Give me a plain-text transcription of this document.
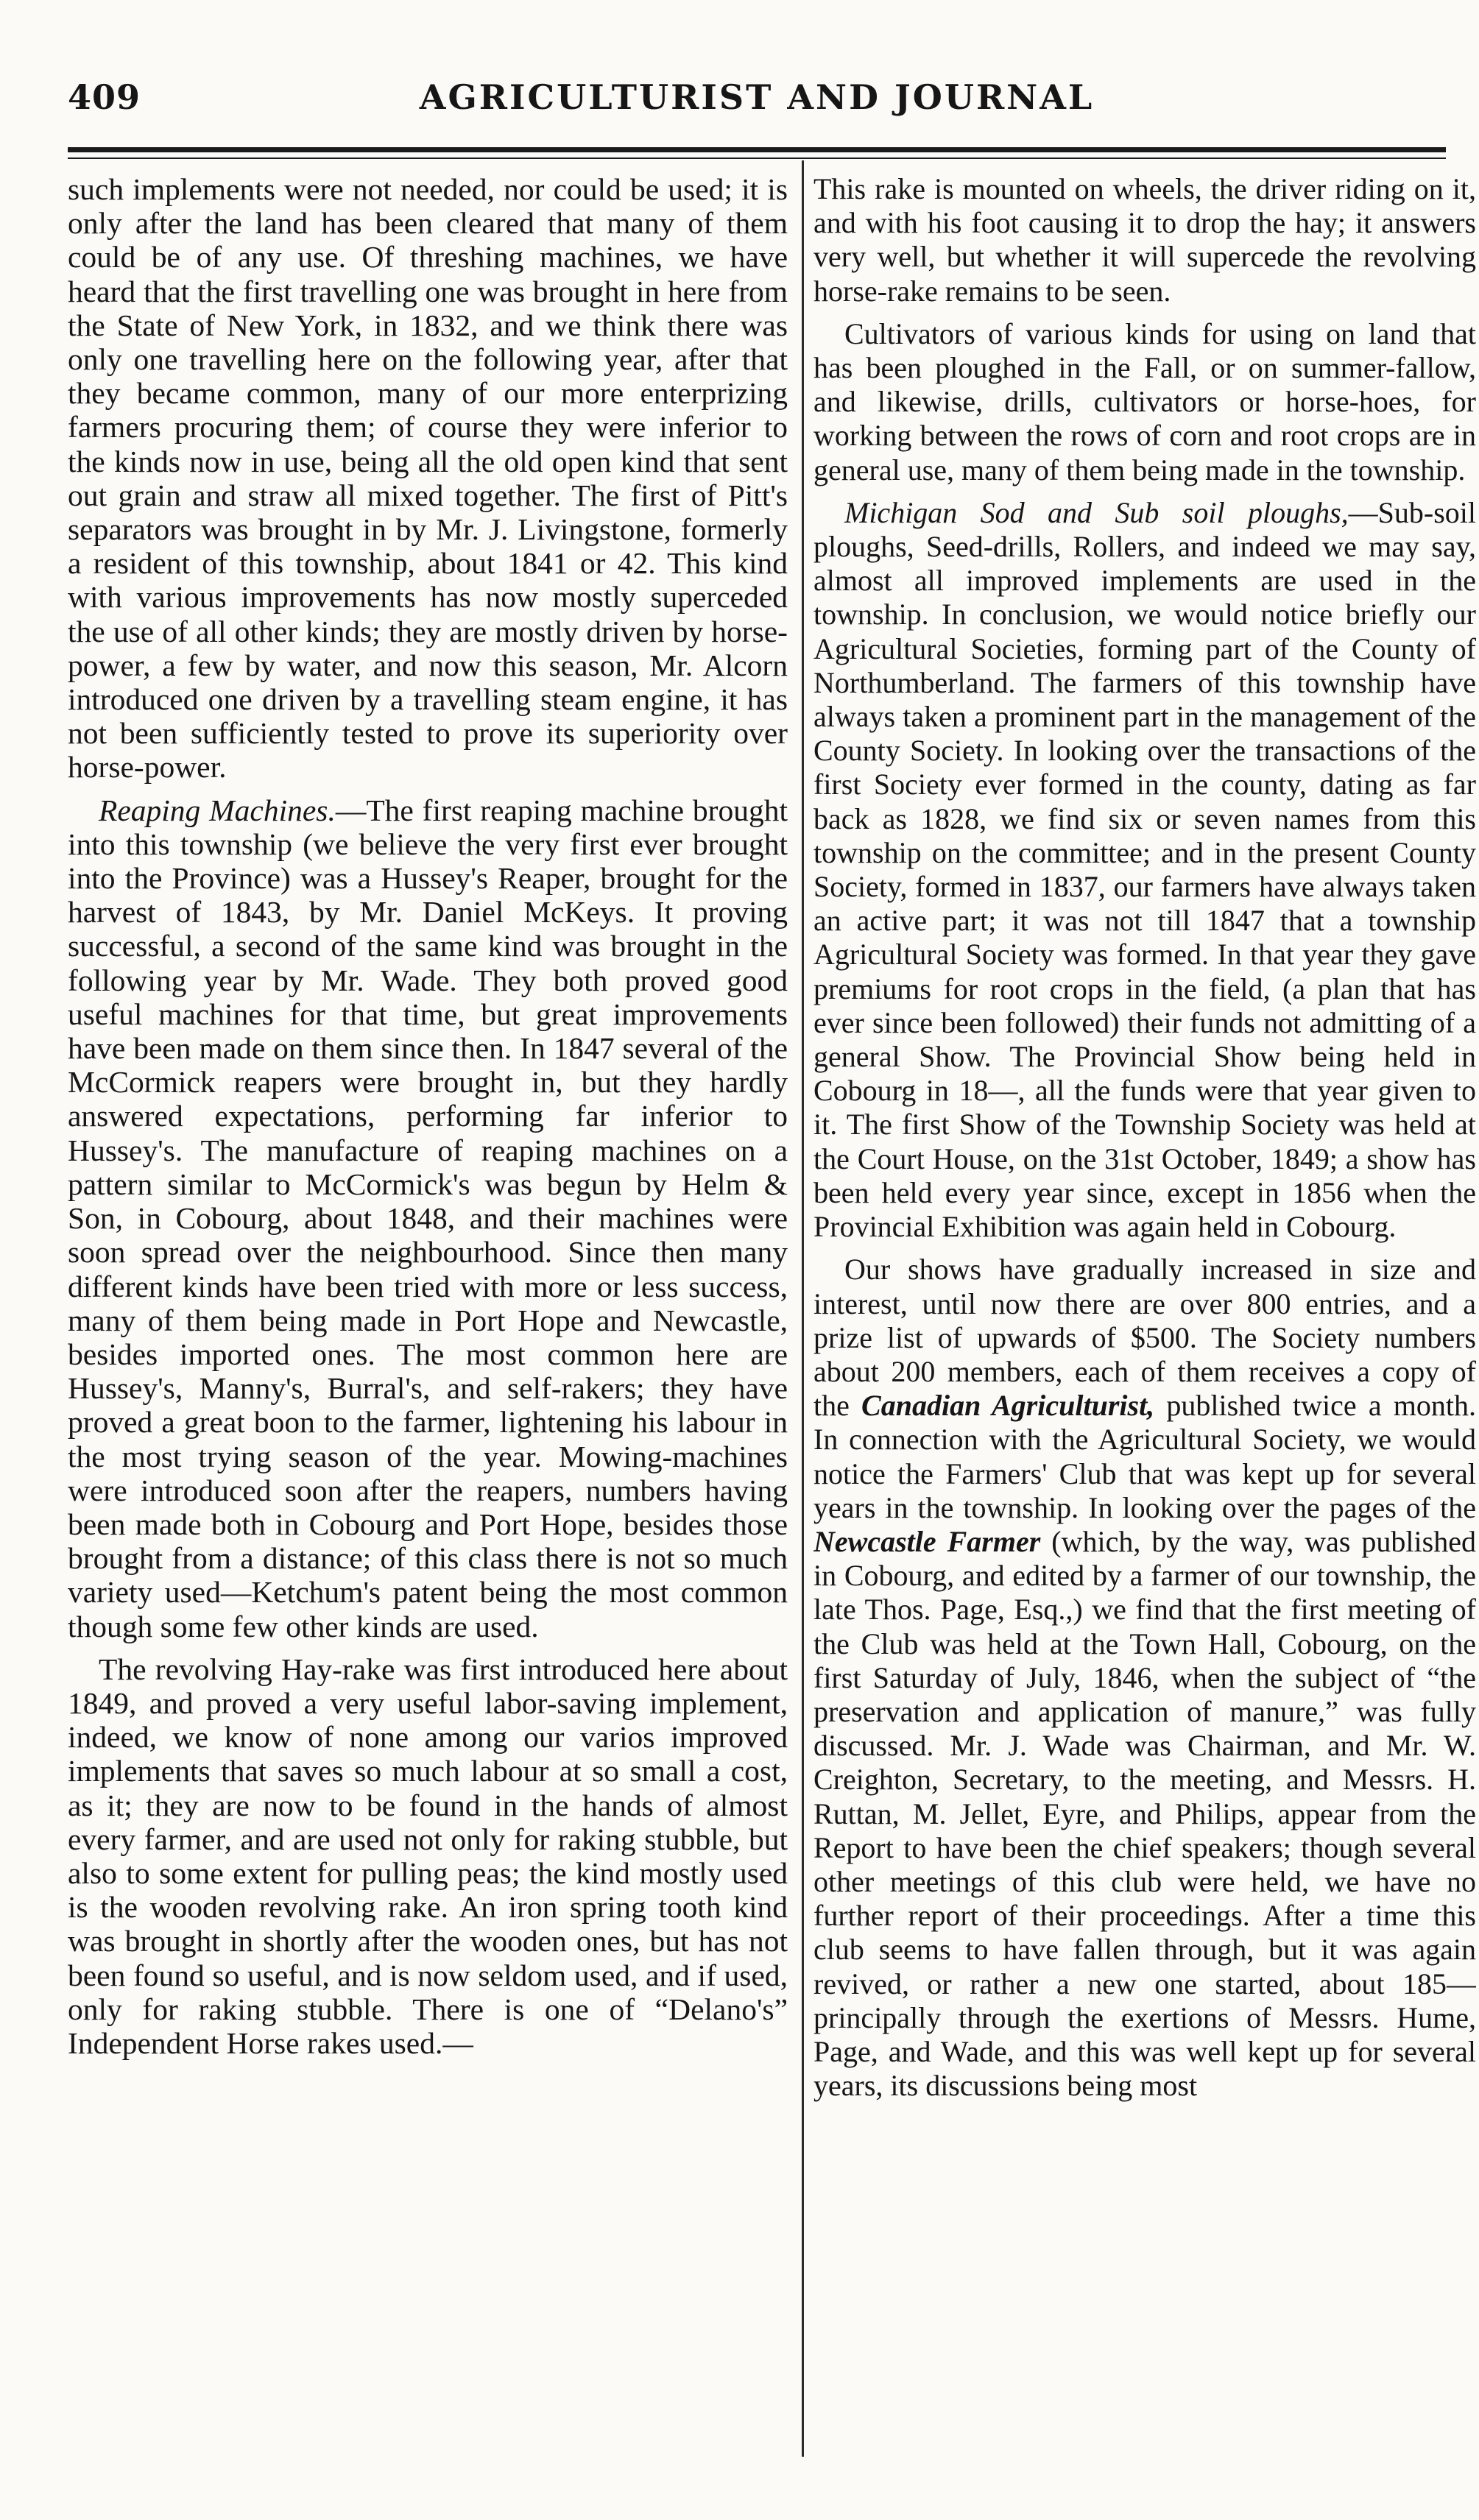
409	AGRICULTURIST AND JOURNAL

such implements were not needed, nor could be used; it is only after the land has been cleared that many of them could be of any use. Of threshing machines, we have heard that the first travelling one was brought in here from the State of New York, in 1832, and we think there was only one travelling here on the following year, after that they became common, many of our more enterprizing farmers procuring them; of course they were inferior to the kinds now in use, being all the old open kind that sent out grain and straw all mixed together. The first of Pitt's separators was brought in by Mr. J. Livingstone, formerly a resident of this township, about 1841 or 42. This kind with various improvements has now mostly superceded the use of all other kinds; they are mostly driven by horse-power, a few by water, and now this season, Mr. Alcorn introduced one driven by a travelling steam engine, it has not been sufficiently tested to prove its superiority over horse-power.

Reaping Machines.—The first reaping machine brought into this township (we believe the very first ever brought into the Province) was a Hussey's Reaper, brought for the harvest of 1843, by Mr. Daniel McKeys. It proving successful, a second of the same kind was brought in the following year by Mr. Wade. They both proved good useful machines for that time, but great improvements have been made on them since then. In 1847 several of the McCormick reapers were brought in, but they hardly answered expectations, performing far inferior to Hussey's. The manufacture of reaping machines on a pattern similar to McCormick's was begun by Helm & Son, in Cobourg, about 1848, and their machines were soon spread over the neighbourhood. Since then many different kinds have been tried with more or less success, many of them being made in Port Hope and Newcastle, besides imported ones. The most common here are Hussey's, Manny's, Burral's, and self-rakers; they have proved a great boon to the farmer, lightening his labour in the most trying season of the year. Mowing-machines were introduced soon after the reapers, numbers having been made both in Cobourg and Port Hope, besides those brought from a distance; of this class there is not so much variety used—Ketchum's patent being the most common though some few other kinds are used.

The revolving Hay-rake was first introduced here about 1849, and proved a very useful labor-saving implement, indeed, we know of none among our varios improved implements that saves so much labour at so small a cost, as it; they are now to be found in the hands of almost every farmer, and are used not only for raking stubble, but also to some extent for pulling peas; the kind mostly used is the wooden revolving rake. An iron spring tooth kind was brought in shortly after the wooden ones, but has not been found so useful, and is now seldom used, and if used, only for raking stubble. There is one of “Delano's” Independent Horse rakes used.—

This rake is mounted on wheels, the driver riding on it, and with his foot causing it to drop the hay; it answers very well, but whether it will supercede the revolving horse-rake remains to be seen.

Cultivators of various kinds for using on land that has been ploughed in the Fall, or on summer-fallow, and likewise, drills, cultivators or horse-hoes, for working between the rows of corn and root crops are in general use, many of them being made in the township.

Michigan Sod and Sub soil ploughs,—Sub-soil ploughs, Seed-drills, Rollers, and indeed we may say, almost all improved implements are used in the township. In conclusion, we would notice briefly our Agricultural Societies, forming part of the County of Northumberland. The farmers of this township have always taken a prominent part in the management of the County Society. In looking over the transactions of the first Society ever formed in the county, dating as far back as 1828, we find six or seven names from this township on the committee; and in the present County Society, formed in 1837, our farmers have always taken an active part; it was not till 1847 that a township Agricultural Society was formed. In that year they gave premiums for root crops in the field, (a plan that has ever since been followed) their funds not admitting of a general Show. The Provincial Show being held in Cobourg in 18—, all the funds were that year given to it. The first Show of the Township Society was held at the Court House, on the 31st October, 1849; a show has been held every year since, except in 1856 when the Provincial Exhibition was again held in Cobourg.

Our shows have gradually increased in size and interest, until now there are over 800 entries, and a prize list of upwards of $500. The Society numbers about 200 members, each of them receives a copy of the Canadian Agriculturist, published twice a month. In connection with the Agricultural Society, we would notice the Farmers' Club that was kept up for several years in the township. In looking over the pages of the Newcastle Farmer (which, by the way, was published in Cobourg, and edited by a farmer of our township, the late Thos. Page, Esq.,) we find that the first meeting of the Club was held at the Town Hall, Cobourg, on the first Saturday of July, 1846, when the subject of “the preservation and application of manure,” was fully discussed. Mr. J. Wade was Chairman, and Mr. W. Creighton, Secretary, to the meeting, and Messrs. H. Ruttan, M. Jellet, Eyre, and Philips, appear from the Report to have been the chief speakers; though several other meetings of this club were held, we have no further report of their proceedings. After a time this club seems to have fallen through, but it was again revived, or rather a new one started, about 185— principally through the exertions of Messrs. Hume, Page, and Wade, and this was well kept up for several years, its discussions being most
